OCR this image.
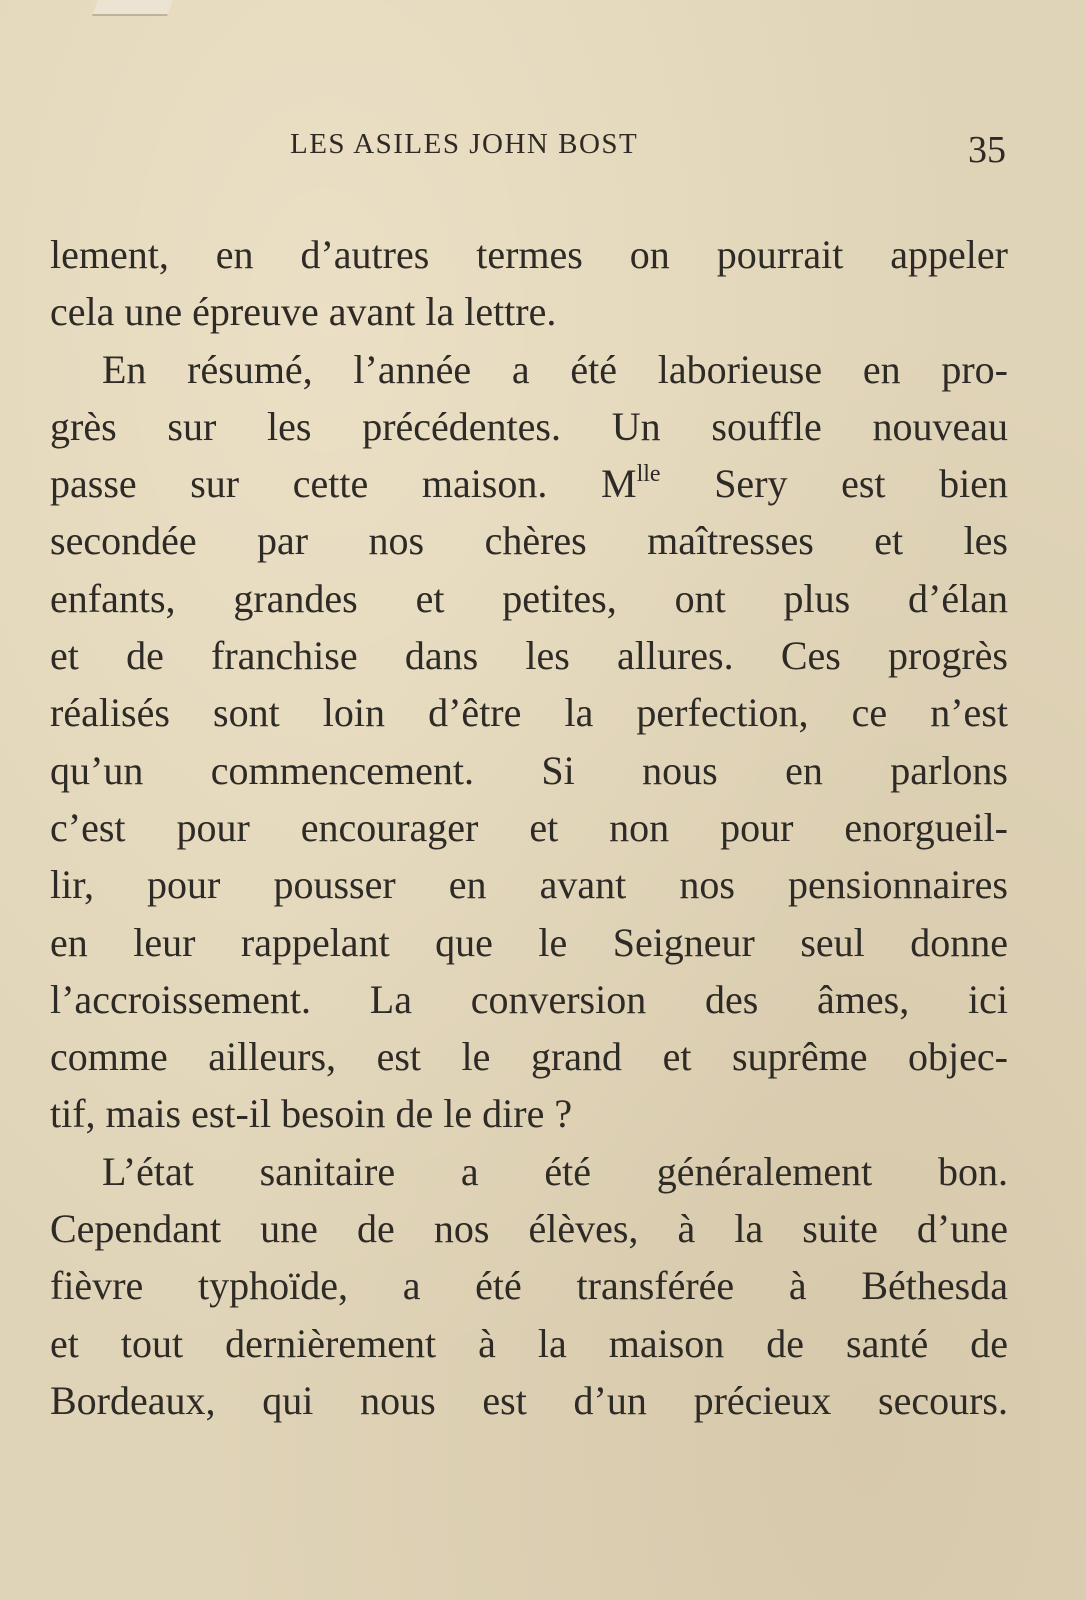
LES ASILES JOHN BOST	35
lement, en d’autres termes on pourrait appeler
cela une épreuve avant la lettre.
En résumé, l’année a été laborieuse en pro-
grès sur les précédentes. Un souffle nouveau
passe sur cette maison. $M^{lle}$ Sery est bien
secondée par nos chères maîtresses et les
enfants, grandes et petites, ont plus d’élan
et de franchise dans les allures. Ces progrès
réalisés sont loin d’être la perfection, ce n’est
qu’un commencement. Si nous en parlons
c’est pour encourager et non pour enorgueil-
lir, pour pousser en avant nos pensionnaires
en leur rappelant que le Seigneur seul donne
l’accroissement. La conversion des âmes, ici
comme ailleurs, est le grand et suprême objec-
tif, mais est-il besoin de le dire ?
L’état sanitaire a été généralement bon.
Cependant une de nos élèves, à la suite d’une
fièvre typhoïde, a été transférée à Béthesda
et tout dernièrement à la maison de santé de
Bordeaux, qui nous est d’un précieux secours.
